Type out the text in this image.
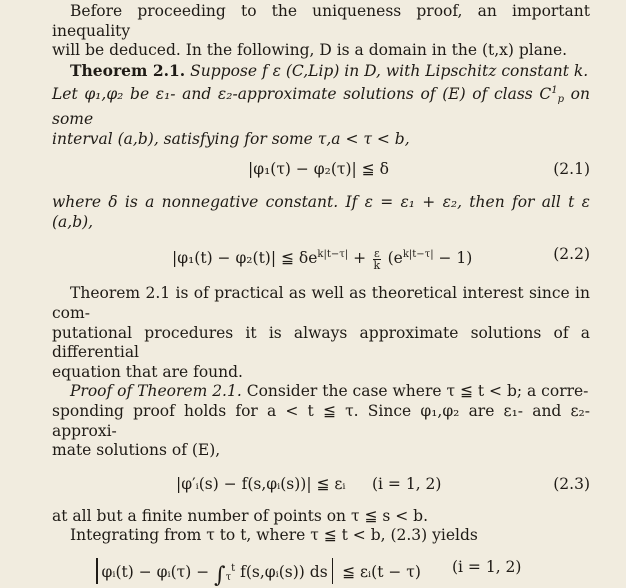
Before proceeding to the uniqueness proof, an important inequality

will be deduced. In the following, D is a domain in the (t,x) plane.

Theorem 2.1. Suppose f ε (C,Lip) in D, with Lipschitz constant k.

Let φ₁,φ₂ be ε₁- and ε₂-approximate solutions of (E) of class $C^1_p$ on some

interval (a,b), satisfying for some τ,a < τ < b,

|φ₁(τ) − φ₂(τ)| ≦ δ	(2.1)

where δ is a nonnegative constant. If ε = ε₁ + ε₂, then for all t ε (a,b),

|φ₁(t) − φ₂(t)| ≦ $\delta e^{k|t-\tau|} + \frac{\varepsilon}{k} (e^{k|t-\tau|} - 1)$	(2.2)

Theorem 2.1 is of practical as well as theoretical interest since in com-

putational procedures it is always approximate solutions of a differential

equation that are found.

Proof of Theorem 2.1. Consider the case where τ ≦ t < b; a corre-

sponding proof holds for a < t ≦ τ. Since φ₁,φ₂ are ε₁- and ε₂-approxi-

mate solutions of (E),

|φ′ᵢ(s) − f(s,φᵢ(s))| ≦ εᵢ (i = 1, 2)	(2.3)

at all but a finite number of points on τ ≦ s < b.

Integrating from τ to t, where τ ≦ t < b, (2.3) yields

φᵢ(t) − φᵢ(τ) − $\int_\tau^t$ f(s,φᵢ(s)) ds ≦ εᵢ(t − τ) (i = 1, 2)
